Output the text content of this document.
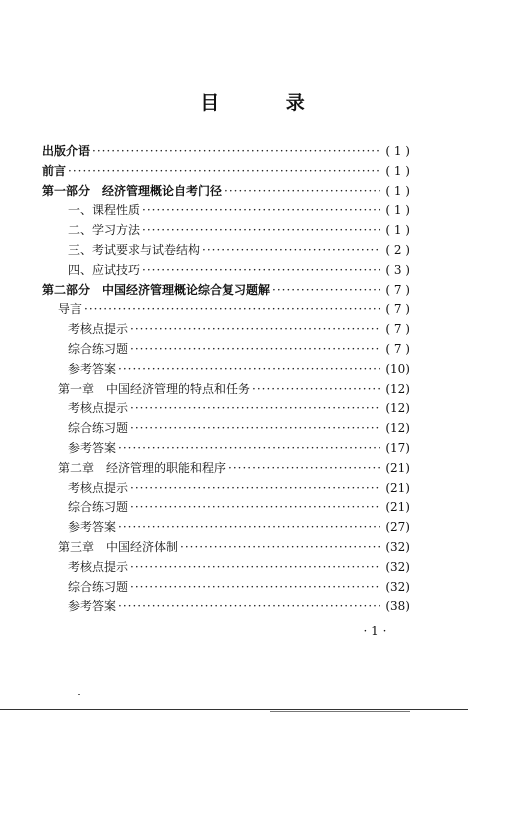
目 录
出版介语 ·····	( 1 )
前言 ·····	( 1 )
第一部分　经济管理概论自考门径 ·····	( 1 )
一、课程性质 ·····	( 1 )
二、学习方法 ·····	( 1 )
三、考试要求与试卷结构 ·····	( 2 )
四、应试技巧 ·····	( 3 )
第二部分　中国经济管理概论综合复习题解 ·····	( 7 )
导言 ·····	( 7 )
考核点提示 ·····	( 7 )
综合练习题 ·····	( 7 )
参考答案 ·····	(10)
第一章　中国经济管理的特点和任务 ·····	(12)
考核点提示 ·····	(12)
综合练习题 ·····	(12)
参考答案 ·····	(17)
第二章　经济管理的职能和程序 ·····	(21)
考核点提示 ·····	(21)
综合练习题 ·····	(21)
参考答案 ·····	(27)
第三章　中国经济体制 ·····	(32)
考核点提示 ·····	(32)
综合练习题 ·····	(32)
参考答案 ·····	(38)
· 1 ·
